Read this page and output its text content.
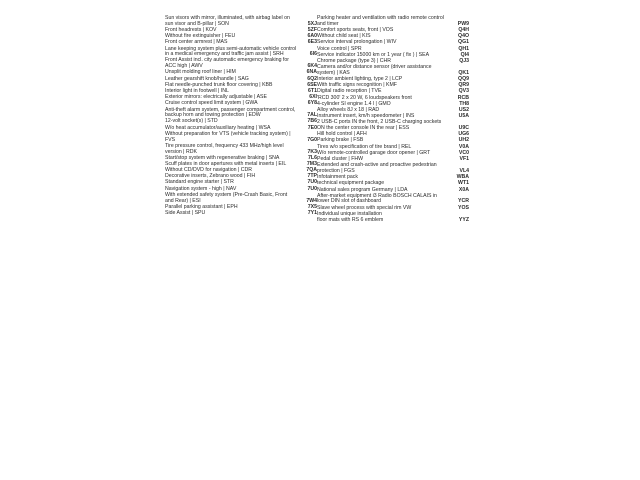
Sun visors with mirror, illuminated, with airbag label on sun visor and B-pillar | SON	5XJ
Front headrests | KOV	5ZF
Without fire extinguisher | FEU	6A0
Front center armrest | MAS	6E3
Lane keeping system plus semi-automatic vehicle control in a medical emergency and traffic jam assist | SRH	6I6
Front Assist incl. city automatic emergency braking for ACC high | AWV	6K4
Unsplit molding roof liner | HIM	6NA
Leather gearshift knob/handle | SAG	6Q2
Flat needle-punched trunk floor covering | KBB	6SE
Interior light in footwell | INL	6T1
Exterior mirrors: electrically adjustable | ASE	6XI
Cruise control speed limit system | GWA	6Y8
Anti-theft alarm system, passenger compartment control, backup horn and towing protection | EDW	7AL
12-volt socket(s) | STD	7B6
W/o heat accumulator/auxiliary heating | WSA	7E0
Without preparation for VTS (vehicle tracking system) | FVS	7G0
Tire pressure control, frequency 433 MHz/high level version | RDK	7K3
Start/stop system with regenerative braking | SNA	7L6
Scuff plates in door apertures with metal inserts | EIL	7M3
Without CD/DVD for navigation | CDR	7QA
Decorative inserts, Zebrano wood | FIH	7TP
Standard engine starter | STR	7U0
Navigation system - high | NAV	7U0
With extended safety system (Pre-Crash Basic, Front and Rear) | ESI	7W4
Parallel parking assistant | EPH	7X5
Side Assist | SPU	7Y1
Parking heater and ventilation with radio remote control and timer	PW9
Comfort sports seats, front | VOS	Q4H
Without child seat | KIS	Q4O
Service interval prolongation | WIV	QG1
Voice control | SPR	QH1
Service indicator 15000 km or 1 year ( fix ) | SEA	QI4
Chrome package (type 3) | CHR	QJ3
Camera and/or distance sensor (driver assistance system) | KAS	QK1
Interior ambient lighting, type 2 | LCP	QQ9
With traffic signs recognition | KMF	QR9
Digital radio reception | TVE	QV3
'RCD 300' 2 x 20 W, 6 loudspeakers front	RCB
4-cylinder SI engine 1.4 l | GMO	TH8
Alloy wheels 8J x 18 | RAD	US2
Instrument insert, km/h speedometer | INS	U5A
2 USB-C ports IN the front, 2 USB-C charging sockets ON the center console IN the rear | ESS	U9C
Hill hold control | AFH	UG6
Parking brake | FSB	UH2
Tires w/o specification of tire brand | REL	V0A
W/o remote-controlled garage door opener | GRT	VC0
Pedal cluster | FHW	VF1
Extended and crash-active and proactive pedestrian protection | FGS	VL4
Infotainment pack	WBA
technical equipment package	WT1
National sales program Germany | LDA	X0A
After-market equipment i3 Radio BOSCH CALAIS in lower DIN slot of dashboard	YCR
Slave wheel process with special rim VW	YOS
Individual unique installation
floor mats with RS 6 emblem	YYZ
